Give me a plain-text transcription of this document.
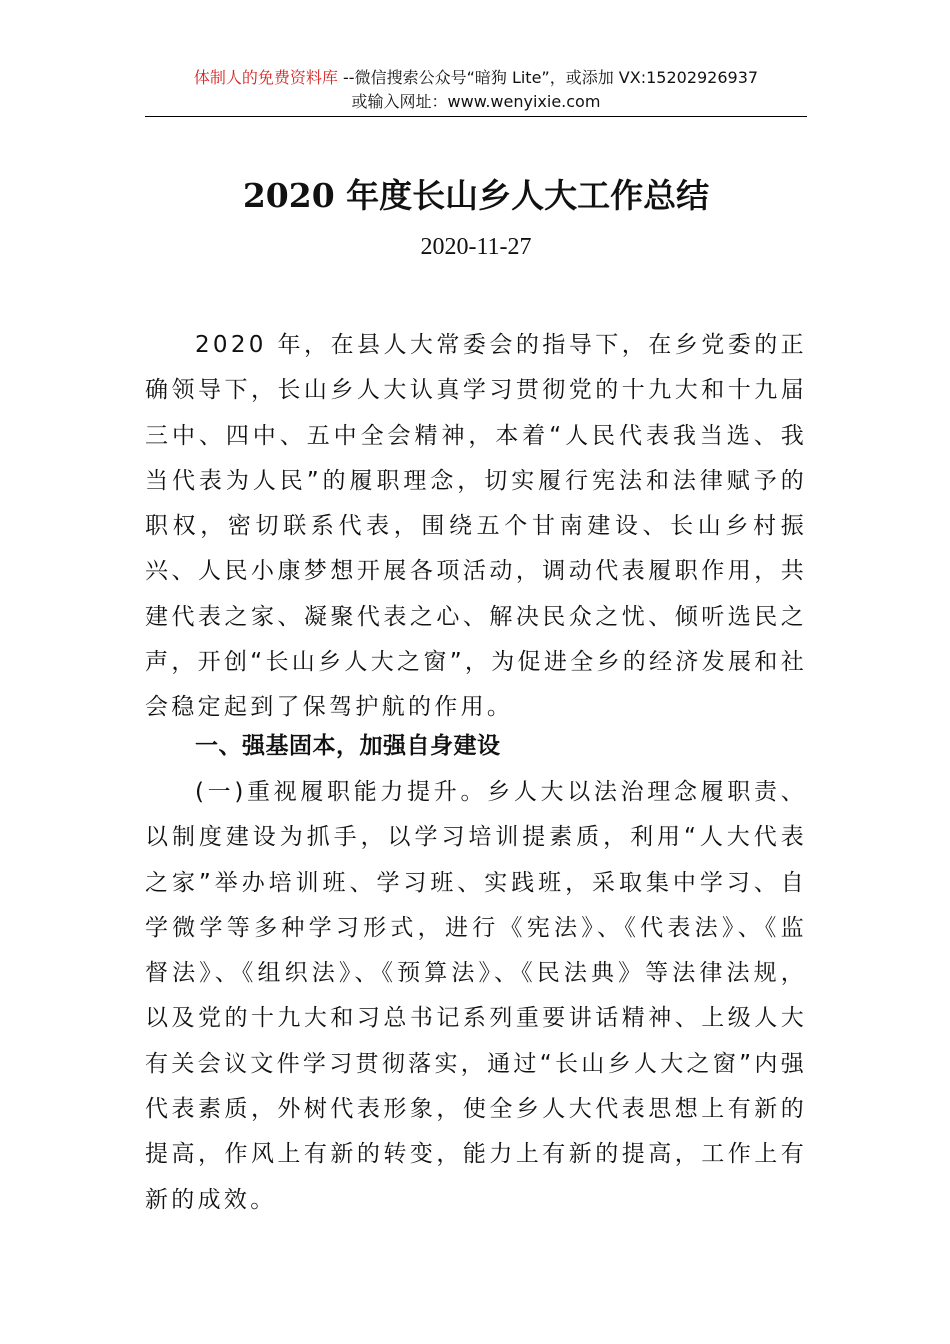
体制人的免费资料库 --微信搜索公众号“暗狗 Lite”，或添加 VX:15202926937
或输入网址：www.wenyixie.com
2020 年度长山乡人大工作总结
2020-11-27

2020 年，在县人大常委会的指导下，在乡党委的正确领导下，长山乡人大认真学习贯彻党的十九大和十九届三中、四中、五中全会精神，本着“人民代表我当选、我当代表为人民”的履职理念，切实履行宪法和法律赋予的职权，密切联系代表，围绕五个甘南建设、长山乡村振兴、人民小康梦想开展各项活动，调动代表履职作用，共建代表之家、凝聚代表之心、解决民众之忧、倾听选民之声，开创“长山乡人大之窗”，为促进全乡的经济发展和社会稳定起到了保驾护航的作用。

一、强基固本，加强自身建设

(一)重视履职能力提升。乡人大以法治理念履职责、以制度建设为抓手，以学习培训提素质，利用“人大代表之家”举办培训班、学习班、实践班，采取集中学习、自学微学等多种学习形式，进行《宪法》、《代表法》、《监督法》、《组织法》、《预算法》、《民法典》等法律法规，以及党的十九大和习总书记系列重要讲话精神、上级人大有关会议文件学习贯彻落实，通过“长山乡人大之窗”内强代表素质，外树代表形象，使全乡人大代表思想上有新的提高，作风上有新的转变，能力上有新的提高，工作上有新的成效。
